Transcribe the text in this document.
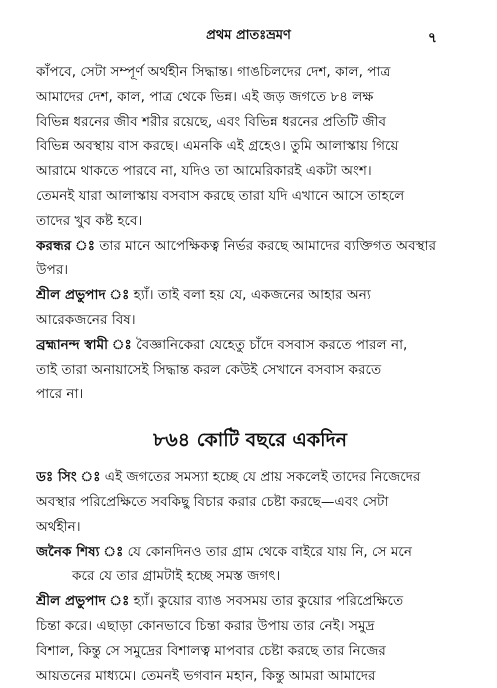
প্রথম প্রাতঃভ্রমণ	৭
কাঁপবে, সেটা সম্পূর্ণ অর্থহীন সিদ্ধান্ত। গাঙচিলদের দেশ, কাল, পাত্র
আমাদের দেশ, কাল, পাত্র থেকে ভিন্ন। এই জড় জগতে ৮৪ লক্ষ
বিভিন্ন ধরনের জীব শরীর রয়েছে, এবং বিভিন্ন ধরনের প্রতিটি জীব
বিভিন্ন অবস্থায় বাস করছে। এমনকি এই গ্রহেও। তুমি আলাস্কায় গিয়ে
আরামে থাকতে পারবে না, যদিও তা আমেরিকারই একটা অংশ।
তেমনই যারা আলাস্কায় বসবাস করছে তারা যদি এখানে আসে তাহলে
তাদের খুব কষ্ট হবে।
করন্ধর ঃ তার মানে আপেক্ষিকত্ব নির্ভর করছে আমাদের ব্যক্তিগত অবস্থার
উপর।
শ্রীল প্রভুপাদ ঃ হ্যাঁ। তাই বলা হয় যে, একজনের আহার অন্য
আরেকজনের বিষ।
ব্রহ্মানন্দ স্বামী ঃ বৈজ্ঞানিকেরা যেহেতু চাঁদে বসবাস করতে পারল না,
তাই তারা অনায়াসেই সিদ্ধান্ত করল কেউই সেখানে বসবাস করতে
পারে না।
৮৬৪ কোটি বছরে একদিন
ডঃ সিং ঃ এই জগতের সমস্যা হচ্ছে যে প্রায় সকলেই তাদের নিজেদের
অবস্থার পরিপ্রেক্ষিতে সবকিছু বিচার করার চেষ্টা করছে—এবং সেটা
অর্থহীন।
জনৈক শিষ্য ঃ যে কোনদিনও তার গ্রাম থেকে বাইরে যায় নি, সে মনে
করে যে তার গ্রামটাই হচ্ছে সমস্ত জগৎ।
শ্রীল প্রভুপাদ ঃ হ্যাঁ। কুয়োর ব্যাঙ সবসময় তার কুয়োর পরিপ্রেক্ষিতে
চিন্তা করে। এছাড়া কোনভাবে চিন্তা করার উপায় তার নেই। সমুদ্র
বিশাল, কিন্তু সে সমুদ্রের বিশালত্ব মাপবার চেষ্টা করছে তার নিজের
আয়তনের মাধ্যমে। তেমনই ভগবান মহান, কিন্তু আমরা আমাদের
